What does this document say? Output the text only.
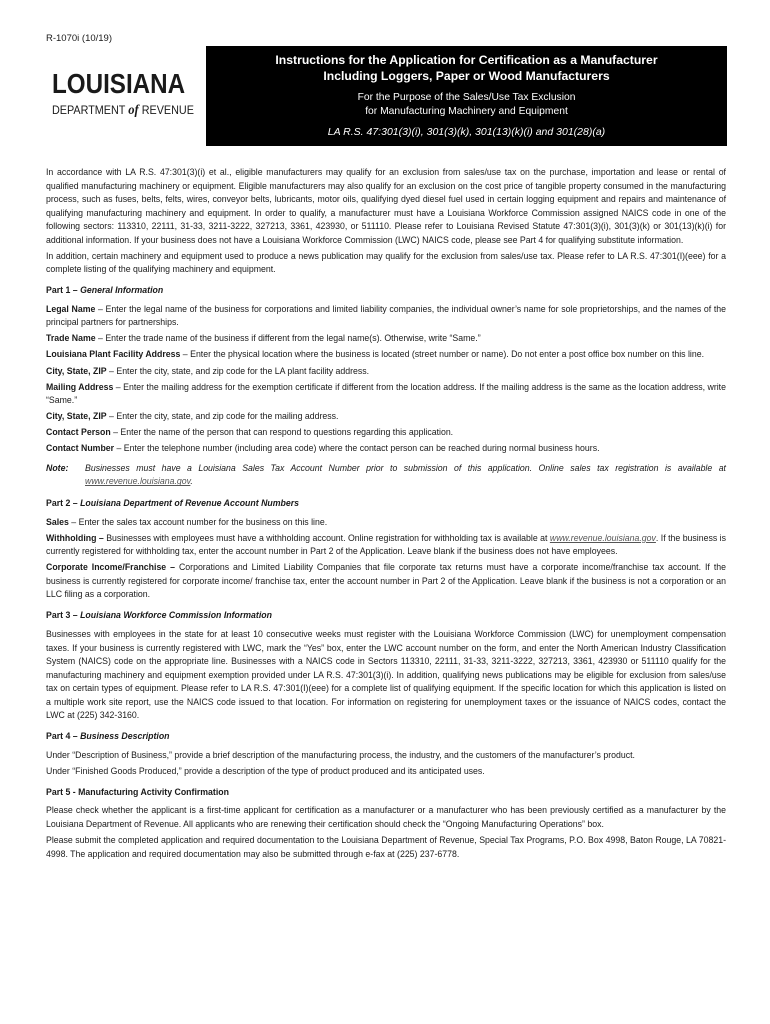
R-1070i (10/19)
LOUISIANA
DEPARTMENT of REVENUE
Instructions for the Application for Certification as a Manufacturer
Including Loggers, Paper or Wood Manufacturers
For the Purpose of the Sales/Use Tax Exclusion
for Manufacturing Machinery and Equipment
LA R.S. 47:301(3)(i), 301(3)(k), 301(13)(k)(i) and 301(28)(a)

In accordance with LA R.S. 47:301(3)(i) et al., eligible manufacturers may qualify for an exclusion from sales/use tax on the purchase, importation and lease or rental of qualified manufacturing machinery or equipment. Eligible manufacturers may also qualify for an exclusion on the cost price of tangible property consumed in the manufacturing process, such as fuses, belts, felts, wires, conveyor belts, lubricants, motor oils, qualifying dyed diesel fuel used in certain logging equipment and repairs and maintenance of qualifying manufacturing machinery and equipment. In order to qualify, a manufacturer must have a Louisiana Workforce Commission assigned NAICS code in one of the following sectors: 113310, 22111, 31-33, 3211-3222, 327213, 3361, 423930, or 511110. Please refer to Louisiana Revised Statute 47:301(3)(i), 301(3)(k) or 301(13)(k)(i) for additional information. If your business does not have a Louisiana Workforce Commission (LWC) NAICS code, please see Part 4 for qualifying substitute information.

In addition, certain machinery and equipment used to produce a news publication may qualify for the exclusion from sales/use tax. Please refer to LA R.S. 47:301(I)(eee) for a complete listing of the qualifying machinery and equipment.

Part 1 – General Information

Legal Name – Enter the legal name of the business for corporations and limited liability companies, the individual owner’s name for sole proprietorships, and the names of the principal partners for partnerships.

Trade Name – Enter the trade name of the business if different from the legal name(s). Otherwise, write “Same.”

Louisiana Plant Facility Address – Enter the physical location where the business is located (street number or name). Do not enter a post office box number on this line.

City, State, ZIP – Enter the city, state, and zip code for the LA plant facility address.

Mailing Address – Enter the mailing address for the exemption certificate if different from the location address. If the mailing address is the same as the location address, write “Same.”

City, State, ZIP – Enter the city, state, and zip code for the mailing address.

Contact Person – Enter the name of the person that can respond to questions regarding this application.

Contact Number – Enter the telephone number (including area code) where the contact person can be reached during normal business hours.

Note:	Businesses must have a Louisiana Sales Tax Account Number prior to submission of this application. Online sales tax registration is available at www.revenue.louisiana.gov.

Part 2 – Louisiana Department of Revenue Account Numbers

Sales – Enter the sales tax account number for the business on this line.

Withholding – Businesses with employees must have a withholding account. Online registration for withholding tax is available at www.revenue.louisiana.gov. If the business is currently registered for withholding tax, enter the account number in Part 2 of the Application. Leave blank if the business does not have employees.

Corporate Income/Franchise – Corporations and Limited Liability Companies that file corporate tax returns must have a corporate income/franchise tax account. If the business is currently registered for corporate income/ franchise tax, enter the account number in Part 2 of the Application. Leave blank if the business is not a corporation or an LLC filing as a corporation.

Part 3 – Louisiana Workforce Commission Information

Businesses with employees in the state for at least 10 consecutive weeks must register with the Louisiana Workforce Commission (LWC) for unemployment compensation taxes. If your business is currently registered with LWC, mark the “Yes” box, enter the LWC account number on the form, and enter the North American Industry Classification System (NAICS) code on the appropriate line. Businesses with a NAICS code in Sectors 113310, 22111, 31-33, 3211-3222, 327213, 3361, 423930 or 511110 qualify for the manufacturing machinery and equipment exemption provided under LA R.S. 47:301(3)(i). In addition, qualifying news publications may be eligible for exclusion from sales/use tax on certain types of equipment. Please refer to LA R.S. 47:301(I)(eee) for a complete list of qualifying equipment. If the specific location for which this application is listed on a multiple work site report, use the NAICS code issued to that location. For information on registering for unemployment taxes or the issuance of NAICS codes, contact the LWC at (225) 342-3160.

Part 4 – Business Description

Under “Description of Business,” provide a brief description of the manufacturing process, the industry, and the customers of the manufacturer’s product.

Under “Finished Goods Produced,” provide a description of the type of product produced and its anticipated uses.

Part 5 - Manufacturing Activity Confirmation

Please check whether the applicant is a first-time applicant for certification as a manufacturer or a manufacturer who has been previously certified as a manufacturer by the Louisiana Department of Revenue. All applicants who are renewing their certification should check the “Ongoing Manufacturing Operations” box.

Please submit the completed application and required documentation to the Louisiana Department of Revenue, Special Tax Programs, P.O. Box 4998, Baton Rouge, LA 70821-4998. The application and required documentation may also be submitted through e-fax at (225) 237-6778.
